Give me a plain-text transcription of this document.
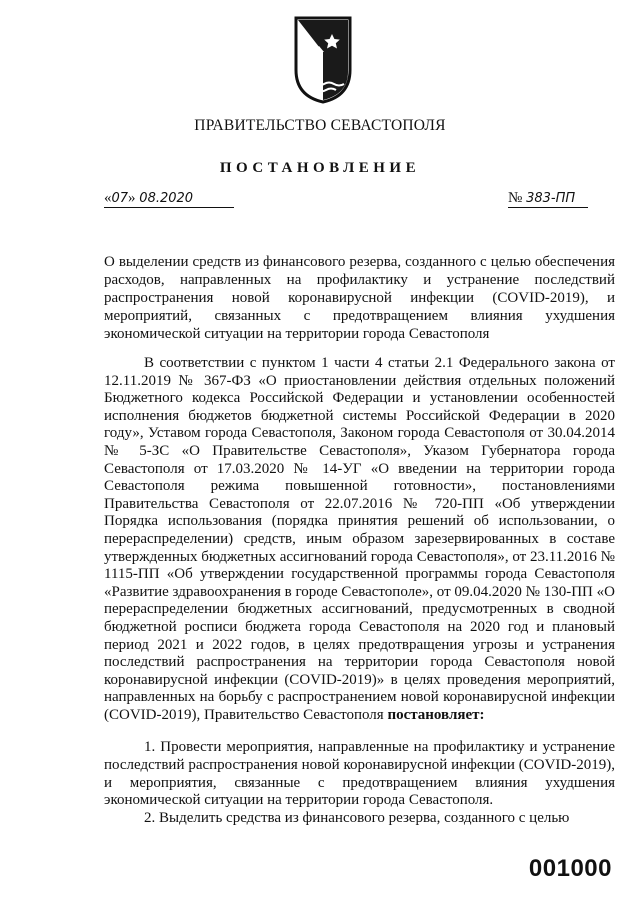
ПРАВИТЕЛЬСТВО СЕВАСТОПОЛЯ
ПОСТАНОВЛЕНИЕ
«07» 08.2020	№ 383-ПП
О выделении средств из финансового резерва, созданного с целью обеспечения расходов, направленных на профилактику и устранение последствий распространения новой коронавирусной инфекции (COVID-2019), и мероприятий, связанных с предотвращением влияния ухудшения экономической ситуации на территории города Севастополя

В соответствии с пунктом 1 части 4 статьи 2.1 Федерального закона от 12.11.2019 № 367-ФЗ «О приостановлении действия отдельных положений Бюджетного кодекса Российской Федерации и установлении особенностей исполнения бюджетов бюджетной системы Российской Федерации в 2020 году», Уставом города Севастополя, Законом города Севастополя от 30.04.2014 № 5-ЗС «О Правительстве Севастополя», Указом Губернатора города Севастополя от 17.03.2020 № 14-УГ «О введении на территории города Севастополя режима повышенной готовности», постановлениями Правительства Севастополя от 22.07.2016 № 720-ПП «Об утверждении Порядка использования (порядка принятия решений об использовании, о перераспределении) средств, иным образом зарезервированных в составе утвержденных бюджетных ассигнований города Севастополя», от 23.11.2016 № 1115-ПП «Об утверждении государственной программы города Севастополя «Развитие здравоохранения в городе Севастополе», от 09.04.2020 № 130-ПП «О перераспределении бюджетных ассигнований, предусмотренных в сводной бюджетной росписи бюджета города Севастополя на 2020 год и плановый период 2021 и 2022 годов, в целях предотвращения угрозы и устранения последствий распространения на территории города Севастополя новой коронавирусной инфекции (COVID-2019)» в целях проведения мероприятий, направленных на борьбу с распространением новой коронавирусной инфекции (COVID-2019), Правительство Севастополя постановляет:

1. Провести мероприятия, направленные на профилактику и устранение последствий распространения новой коронавирусной инфекции (COVID-2019), и мероприятия, связанные с предотвращением влияния ухудшения экономической ситуации на территории города Севастополя.

2. Выделить средства из финансового резерва, созданного с целью

001000
